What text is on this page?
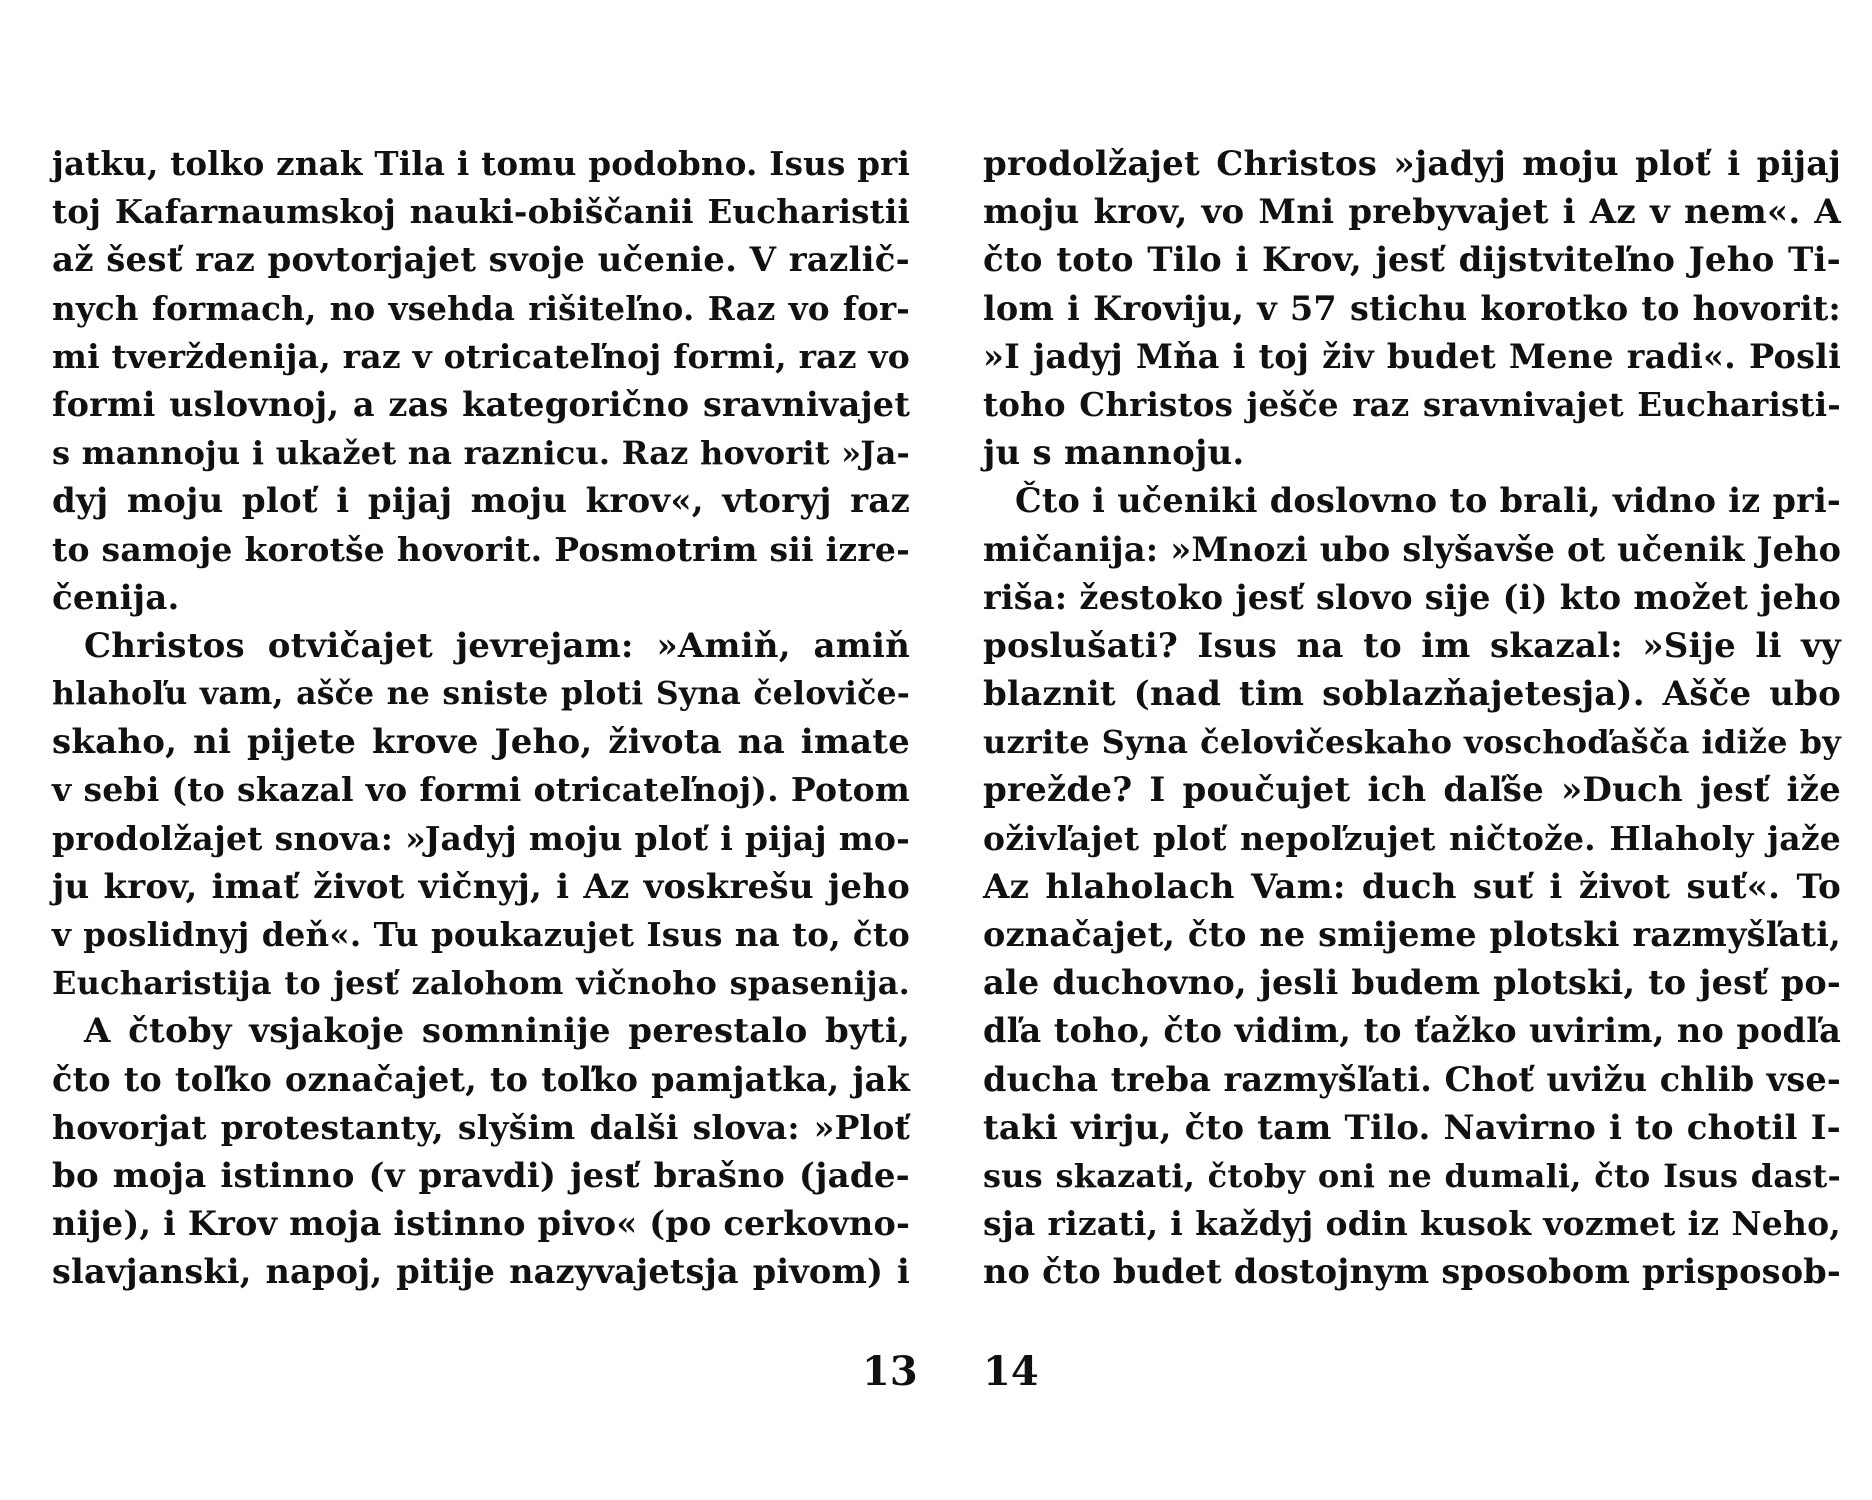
jatku, tolko znak Tila i tomu podobno. Isus pri
toj Kafarnaumskoj nauki-obiščanii Eucharistii
až šesť raz povtorjajet svoje učenie. V različ-
nych formach, no vsehda rišiteľno. Raz vo for-
mi tverždenija, raz v otricateľnoj formi, raz vo
formi uslovnoj, a zas kategorično sravnivajet
s mannoju i ukažet na raznicu. Raz hovorit »Ja-
dyj moju ploť i pijaj moju krov«, vtoryj raz
to samoje korotše hovorit. Posmotrim sii izre-
čenija.
Christos otvičajet jevrejam: »Amiň, amiň
hlahoľu vam, ašče ne sniste ploti Syna čeloviče-
skaho, ni pijete krove Jeho, života na imate
v sebi (to skazal vo formi otricateľnoj). Potom
prodolžajet snova: »Jadyj moju ploť i pijaj mo-
ju krov, imať život vičnyj, i Az voskrešu jeho
v poslidnyj deň«. Tu poukazujet Isus na to, čto
Eucharistija to jesť zalohom vičnoho spasenija.
A čtoby vsjakoje somninije perestalo byti,
čto to toľko označajet, to toľko pamjatka, jak
hovorjat protestanty, slyšim dalši slova: »Ploť
bo moja istinno (v pravdi) jesť brašno (jade-
nije), i Krov moja istinno pivo« (po cerkovno-
slavjanski, napoj, pitije nazyvajetsja pivom) i
prodolžajet Christos »jadyj moju ploť i pijaj
moju krov, vo Mni prebyvajet i Az v nem«. A
čto toto Tilo i Krov, jesť dijstviteľno Jeho Ti-
lom i Kroviju, v 57 stichu korotko to hovorit:
»I jadyj Mňa i toj živ budet Mene radi«. Posli
toho Christos ješče raz sravnivajet Eucharisti-
ju s mannoju.
Čto i učeniki doslovno to brali, vidno iz pri-
mičanija: »Mnozi ubo slyšavše ot učenik Jeho
riša: žestoko jesť slovo sije (i) kto možet jeho
poslušati? Isus na to im skazal: »Sije li vy
blaznit (nad tim soblazňajetesja). Ašče ubo
uzrite Syna čelovičeskaho voschoďašča idiže by
prežde? I poučujet ich daľše »Duch jesť iže
oživľajet ploť nepoľzujet ničtože. Hlaholy jaže
Az hlaholach Vam: duch suť i život suť«. To
označajet, čto ne smijeme plotski razmyšľati,
ale duchovno, jesli budem plotski, to jesť po-
dľa toho, čto vidim, to ťažko uvirim, no podľa
ducha treba razmyšľati. Choť uvižu chlib vse-
taki virju, čto tam Tilo. Navirno i to chotil I-
sus skazati, čtoby oni ne dumali, čto Isus dast-
sja rizati, i každyj odin kusok vozmet iz Neho,
no čto budet dostojnym sposobom prisposob-
13 14
